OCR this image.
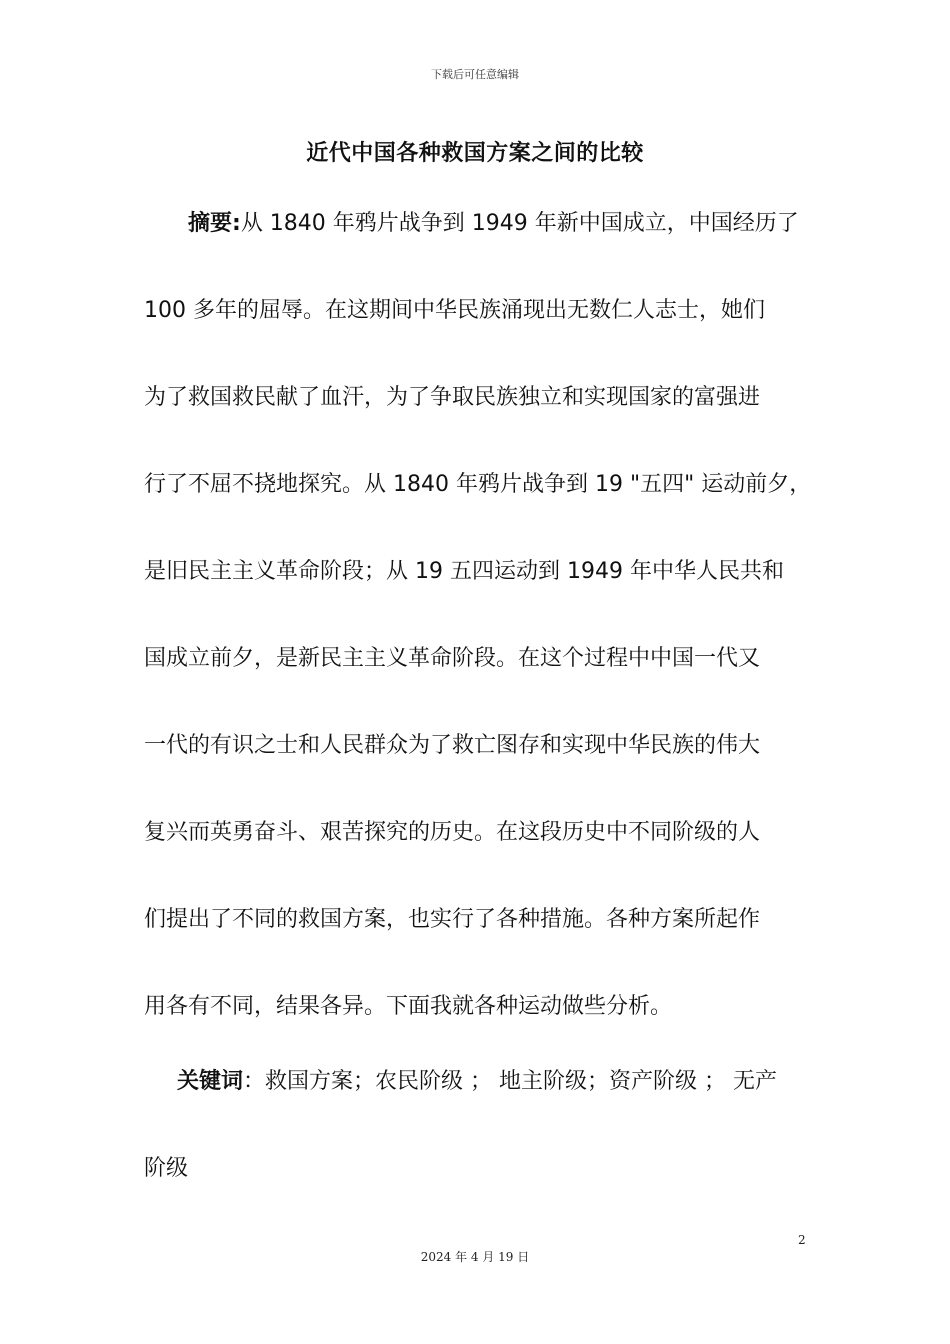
下载后可任意编辑
近代中国各种救国方案之间的比较
摘要:从 1840 年鸦片战争到 1949 年新中国成立，中国经历了
100 多年的屈辱。在这期间中华民族涌现出无数仁人志士，她们
为了救国救民献了血汗，为了争取民族独立和实现国家的富强进
行了不屈不挠地探究。从 1840 年鸦片战争到 19 "五四" 运动前夕，
是旧民主主义革命阶段；从 19 五四运动到 1949 年中华人民共和
国成立前夕，是新民主主义革命阶段。在这个过程中中国一代又
一代的有识之士和人民群众为了救亡图存和实现中华民族的伟大
复兴而英勇奋斗、艰苦探究的历史。在这段历史中不同阶级的人
们提出了不同的救国方案，也实行了各种措施。各种方案所起作
用各有不同，结果各异。下面我就各种运动做些分析。
关键词：救国方案；农民阶级 ； 地主阶级；资产阶级 ； 无产
阶级
2
2024 年 4 月 19 日
